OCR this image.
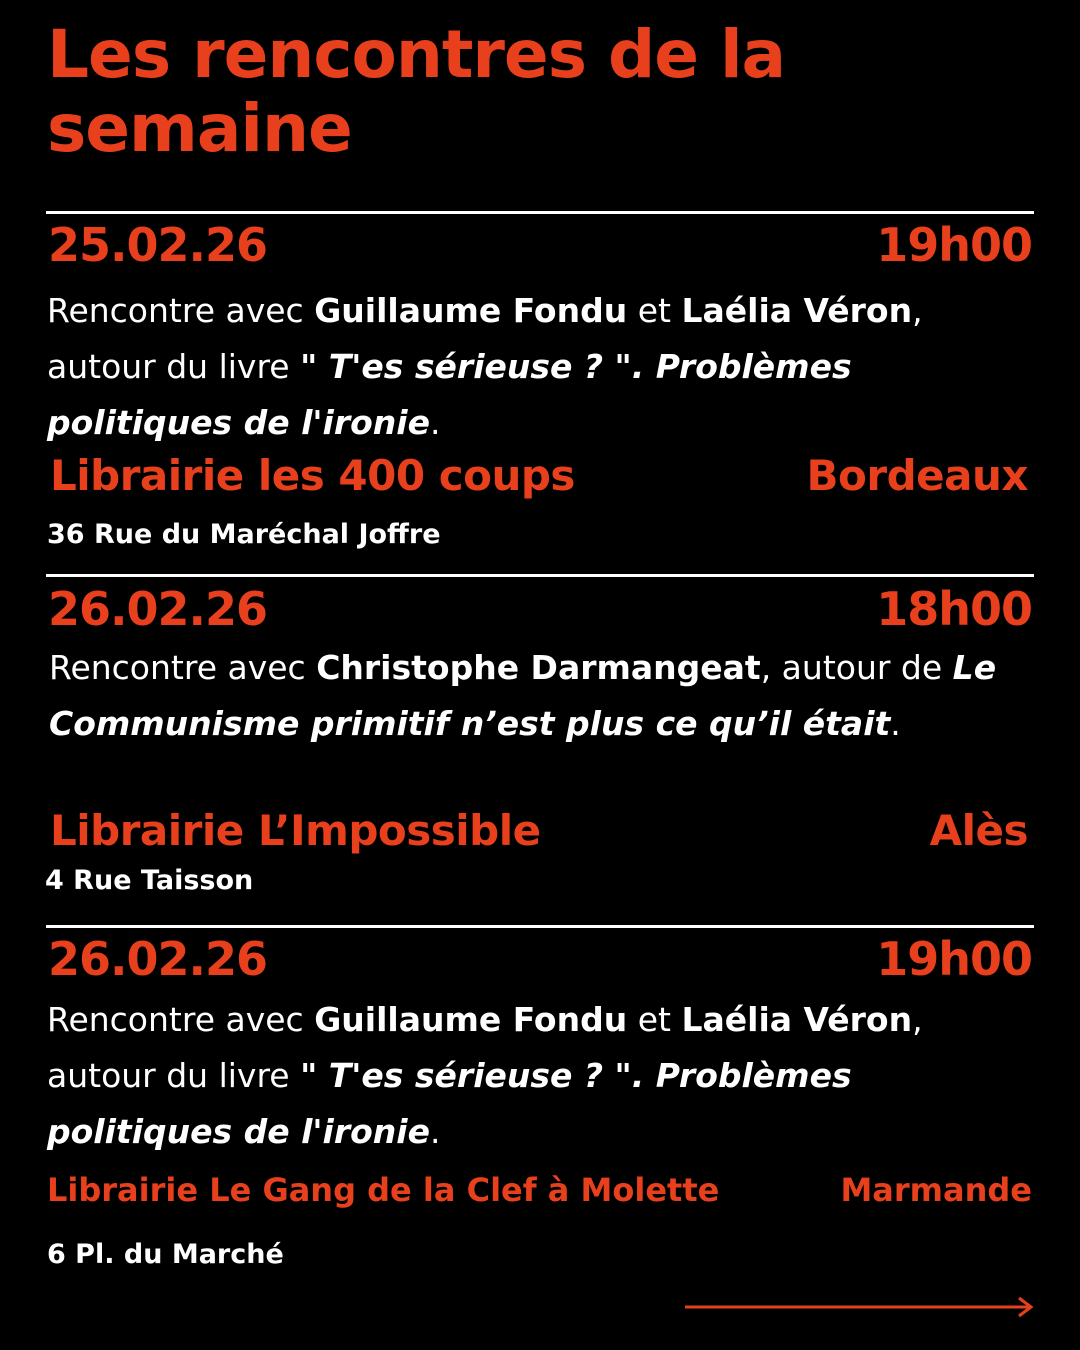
Les rencontres de la semaine
25.02.26	19h00

Rencontre avec Guillaume Fondu et Laélia Véron, autour du livre " T'es sérieuse ? ". Problèmes politiques de l'ironie.

Librairie les 400 coups	Bordeaux
36 Rue du Maréchal Joffre
26.02.26	18h00

Rencontre avec Christophe Darmangeat, autour de Le Communisme primitif n’est plus ce qu’il était.

Librairie L’Impossible	Alès
4 Rue Taisson
26.02.26	19h00

Rencontre avec Guillaume Fondu et Laélia Véron, autour du livre " T'es sérieuse ? ". Problèmes politiques de l'ironie.

Librairie Le Gang de la Clef à Molette	Marmande
6 Pl. du Marché
